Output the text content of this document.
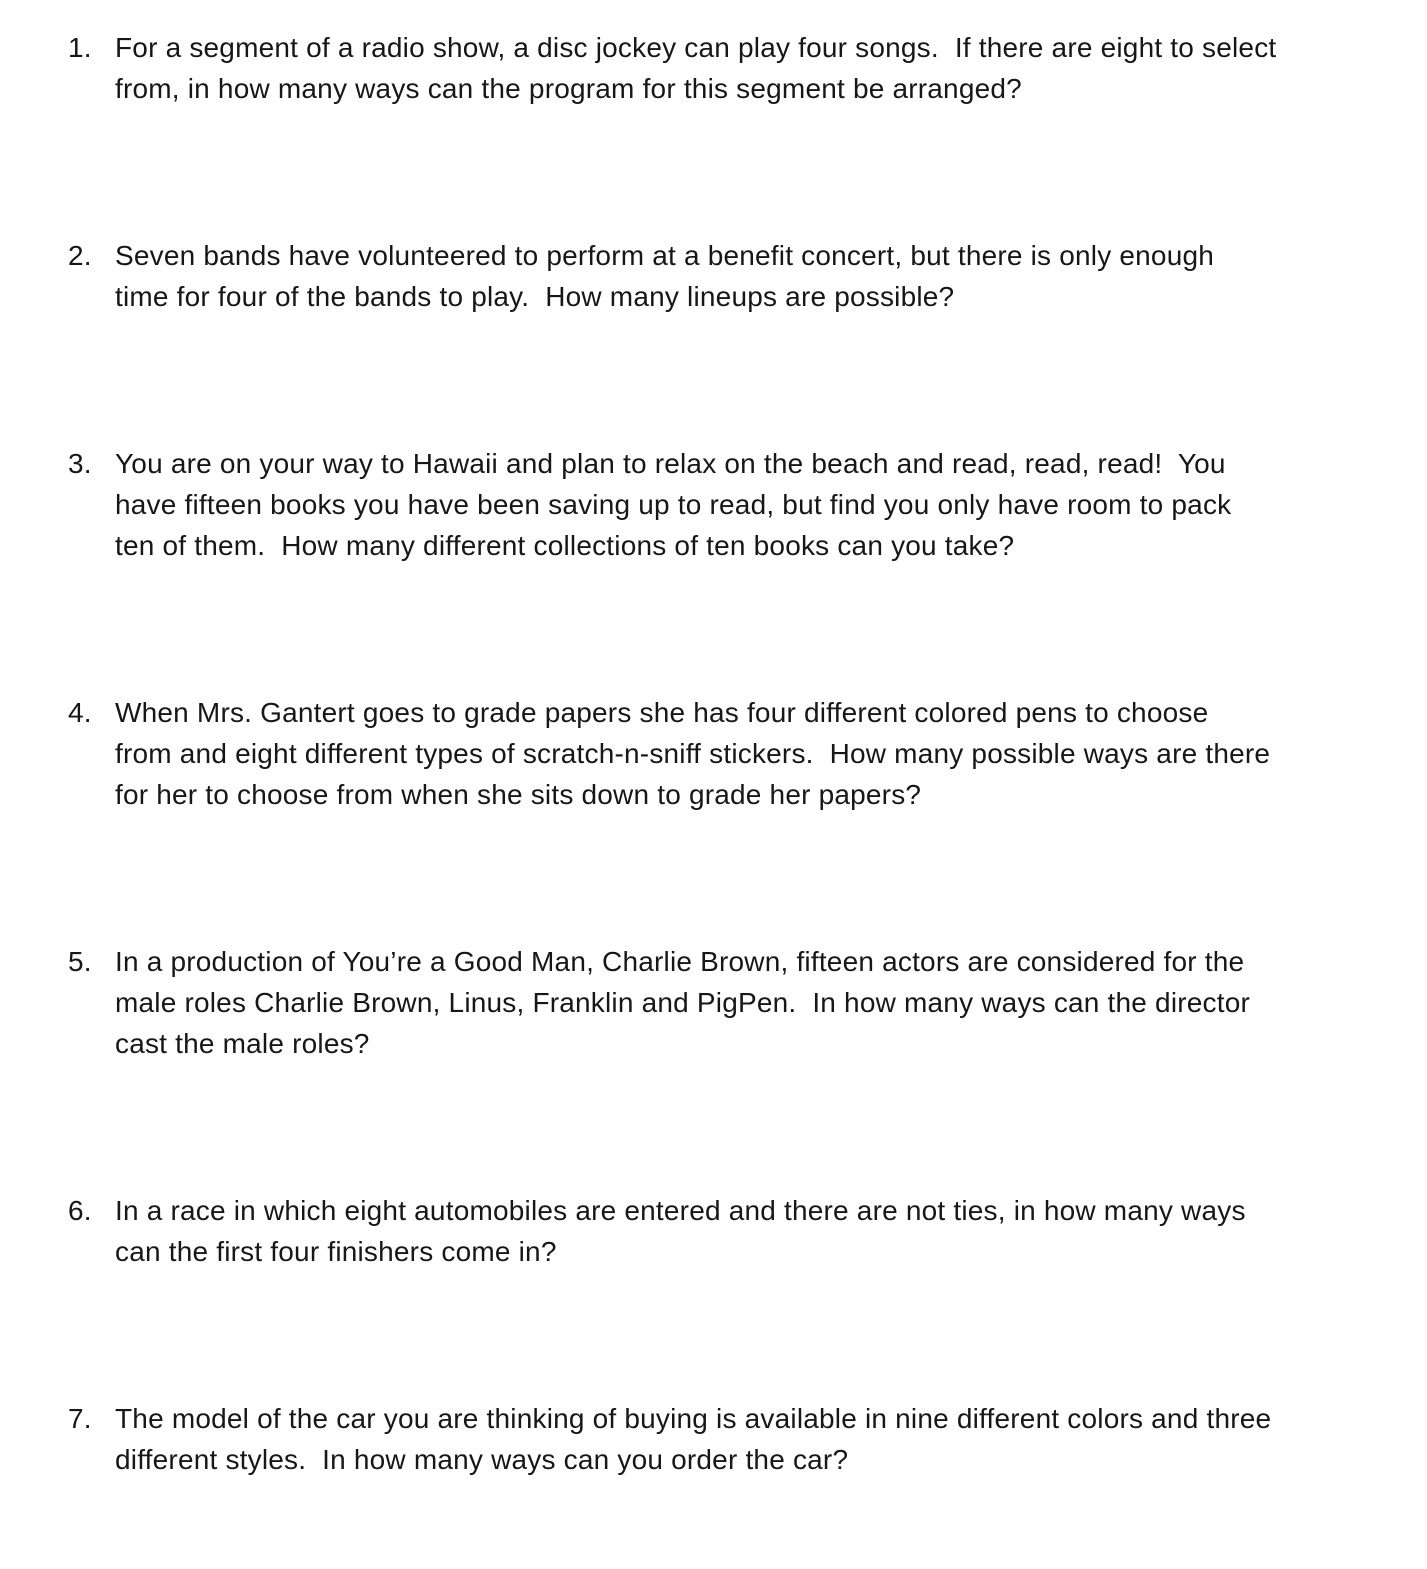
1. For a segment of a radio show, a disc jockey can play four songs.  If there are eight to select
from, in how many ways can the program for this segment be arranged?
2. Seven bands have volunteered to perform at a benefit concert, but there is only enough
time for four of the bands to play.  How many lineups are possible?
3. You are on your way to Hawaii and plan to relax on the beach and read, read, read!  You
have fifteen books you have been saving up to read, but find you only have room to pack
ten of them.  How many different collections of ten books can you take?
4. When Mrs. Gantert goes to grade papers she has four different colored pens to choose
from and eight different types of scratch-n-sniff stickers.  How many possible ways are there
for her to choose from when she sits down to grade her papers?
5. In a production of You’re a Good Man, Charlie Brown, fifteen actors are considered for the
male roles Charlie Brown, Linus, Franklin and PigPen.  In how many ways can the director
cast the male roles?
6. In a race in which eight automobiles are entered and there are not ties, in how many ways
can the first four finishers come in?
7. The model of the car you are thinking of buying is available in nine different colors and three
different styles.  In how many ways can you order the car?
